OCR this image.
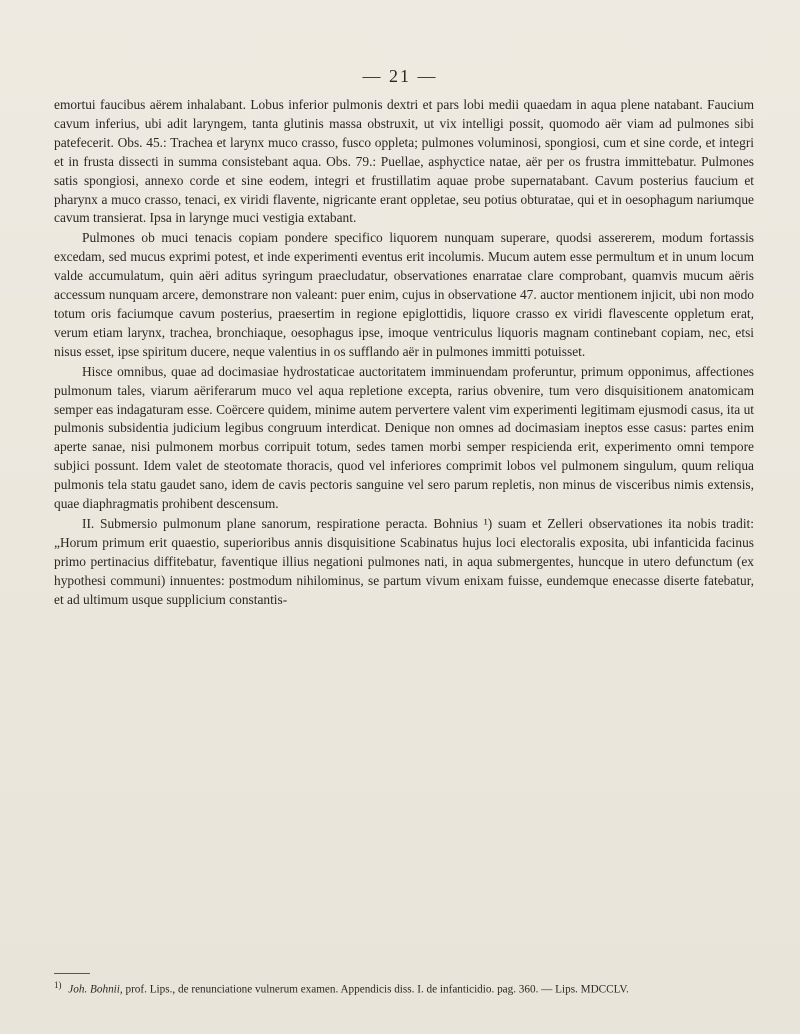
— 21 —

emortui faucibus aërem inhalabant. Lobus inferior pulmonis dextri et pars lobi medii quaedam in aqua plene natabant. Faucium cavum inferius, ubi adit laryngem, tanta glutinis massa obstruxit, ut vix intelligi possit, quomodo aër viam ad pulmones sibi patefecerit. Obs. 45.: Trachea et larynx muco crasso, fusco oppleta; pulmones voluminosi, spongiosi, cum et sine corde, et integri et in frusta dissecti in summa consistebant aqua. Obs. 79.: Puellae, asphyctice natae, aër per os frustra immittebatur. Pulmones satis spongiosi, annexo corde et sine eodem, integri et frustillatim aquae probe supernatabant. Cavum posterius faucium et pharynx a muco crasso, tenaci, ex viridi flavente, nigricante erant oppletae, seu potius obturatae, qui et in oesophagum nariumque cavum transierat. Ipsa in larynge muci vestigia extabant.

Pulmones ob muci tenacis copiam pondere specifico liquorem nunquam superare, quodsi assererem, modum fortassis excedam, sed mucus exprimi potest, et inde experimenti eventus erit incolumis. Mucum autem esse permultum et in unum locum valde accumulatum, quin aëri aditus syringum praecludatur, observationes enarratae clare comprobant, quamvis mucum aëris accessum nunquam arcere, demonstrare non valeant: puer enim, cujus in observatione 47. auctor mentionem injicit, ubi non modo totum oris faciumque cavum posterius, praesertim in regione epiglottidis, liquore crasso ex viridi flavescente oppletum erat, verum etiam larynx, trachea, bronchiaque, oesophagus ipse, imoque ventriculus liquoris magnam continebant copiam, nec, etsi nisus esset, ipse spiritum ducere, neque valentius in os sufflando aër in pulmones immitti potuisset.

Hisce omnibus, quae ad docimasiae hydrostaticae auctoritatem imminuendam proferuntur, primum opponimus, affectiones pulmonum tales, viarum aëriferarum muco vel aqua repletione excepta, rarius obvenire, tum vero disquisitionem anatomicam semper eas indagaturam esse. Coërcere quidem, minime autem pervertere valent vim experimenti legitimam ejusmodi casus, ita ut pulmonis subsidentia judicium legibus congruum interdicat. Denique non omnes ad docimasiam ineptos esse casus: partes enim aperte sanae, nisi pulmonem morbus corripuit totum, sedes tamen morbi semper respicienda erit, experimento omni tempore subjici possunt. Idem valet de steotomate thoracis, quod vel inferiores comprimit lobos vel pulmonem singulum, quum reliqua pulmonis tela statu gaudet sano, idem de cavis pectoris sanguine vel sero parum repletis, non minus de visceribus nimis extensis, quae diaphragmatis prohibent descensum.

II. Submersio pulmonum plane sanorum, respiratione peracta. Bohnius ¹) suam et Zelleri observationes ita nobis tradit: „Horum primum erit quaestio, superioribus annis disquisitione Scabinatus hujus loci electoralis exposita, ubi infanticida facinus primo pertinacius diffitebatur, faventique illius negationi pulmones nati, in aqua submergentes, huncque in utero defunctum (ex hypothesi communi) innuentes: postmodum nihilominus, se partum vivum enixam fuisse, eundemque enecasse diserte fatebatur, et ad ultimum usque supplicium constantis-

$^{1)}$ Joh. Bohnii, prof. Lips., de renunciatione vulnerum examen. Appendicis diss. I. de infanticidio. pag. 360. — Lips. MDCCLV.
